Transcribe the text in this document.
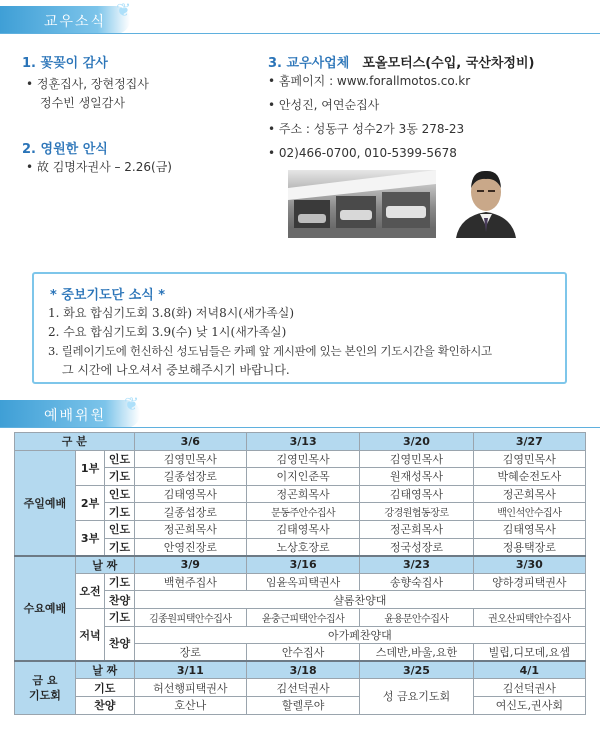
교우소식
❦
1. 꽃꽂이 감사
• 정훈집사, 장현정집사
정수빈 생일감사
2. 영원한 안식
• 故 김명자권사 – 2.26(금)
3. 교우사업체 포올모터스(수입, 국산차정비)
• 홈페이지 : www.forallmotos.co.kr
• 안성진, 여연순집사
• 주소 : 성동구 성수2가 3동 278-23
• 02)466-0700, 010-5399-5678
* 중보기도단 소식 *
1. 화요 합심기도회 3.8(화) 저녁8시(새가족실)
2. 수요 합심기도회 3.9(수) 낮 1시(새가족실)
3. 릴레이기도에 헌신하신 성도님들은 카페 앞 게시판에 있는 본인의 기도시간을 확인하시고
그 시간에 나오셔서 중보해주시기 바랍니다.
예배위원
❦
구 분			3/6	3/13	3/20	3/27
주일예배	1부	인도	김영민목사	김영민목사	김영민목사	김영민목사
		기도	길종섭장로	이지인준목	원재성목사	박혜순전도사
	2부	인도	김태영목사	정곤희목사	김태영목사	정곤희목사
		기도	길종섭장로	문동주안수집사	강경원협동장로	백인석안수집사
	3부	인도	정곤희목사	김태영목사	정곤희목사	김태영목사
		기도	안영진장로	노상호장로	정국성장로	정용택장로
수요예배	날 짜		3/9	3/16	3/23	3/30
	오전	기도	백현주집사	임윤옥피택권사	송향숙집사	양하경피택권사
		찬양	샬롬찬양대			
	저녁	기도	김종원피택안수집사	윤충근피택안수집사	윤용문안수집사	권오산피택안수집사
		찬양	아가페찬양대			
			장로	안수집사	스데반,바울,요한	빌립,디모데,요셉

금 요
기도회	날 짜		3/11	3/18	3/25	4/1
	기도		허선행피택권사	김선덕권사	성 금요기도회	김선덕권사
	찬양		호산나	할렐루야		여신도,권사회
